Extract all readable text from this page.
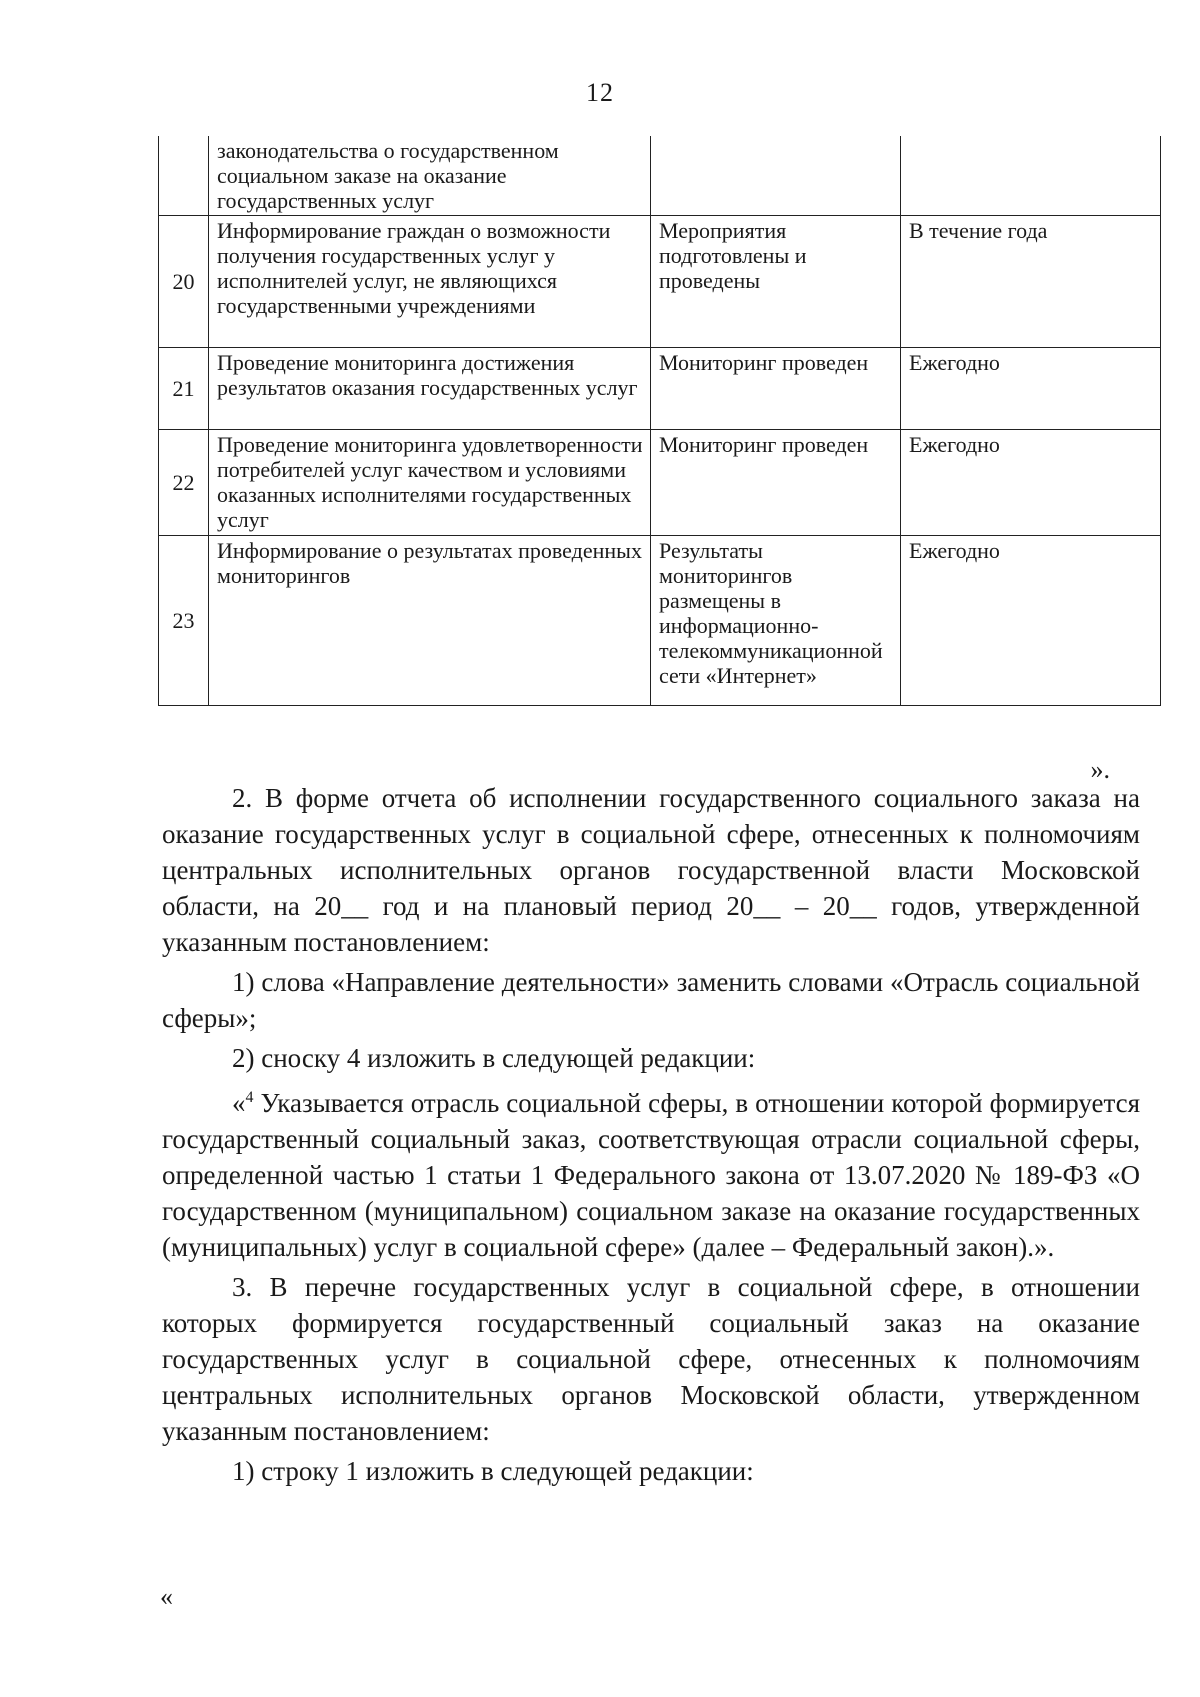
12
	законодательства о государственном социальном заказе на оказание государственных услуг		
20	Информирование граждан о возможности получения государственных услуг у исполнителей услуг, не являющихся государственными учреждениями	Мероприятия подготовлены и проведены	В течение года
21	Проведение мониторинга достижения результатов оказания государственных услуг	Мониторинг проведен	Ежегодно
22	Проведение мониторинга удовлетворенности потребителей услуг качеством и условиями оказанных исполнителями государственных услуг	Мониторинг проведен	Ежегодно
23	Информирование о результатах проведенных мониторингов	Результаты мониторингов размещены в информационно-телекоммуникационной сети «Интернет»	Ежегодно
».

2. В форме отчета об исполнении государственного социального заказа на оказание государственных услуг в социальной сфере, отнесенных к полномочиям центральных исполнительных органов государственной власти Московской области, на 20__ год и на плановый период 20__ – 20__ годов, утвержденной указанным постановлением:

1) слова «Направление деятельности» заменить словами «Отрасль социальной сферы»;

2) сноску 4 изложить в следующей редакции:

«$^4$ Указывается отрасль социальной сферы, в отношении которой формируется государственный социальный заказ, соответствующая отрасли социальной сферы, определенной частью 1 статьи 1 Федерального закона от 13.07.2020 № 189-ФЗ «О государственном (муниципальном) социальном заказе на оказание государственных (муниципальных) услуг в социальной сфере» (далее – Федеральный закон).».

3. В перечне государственных услуг в социальной сфере, в отношении которых формируется государственный социальный заказ на оказание государственных услуг в социальной сфере, отнесенных к полномочиям центральных исполнительных органов Московской области, утвержденном указанным постановлением:

1) строку 1 изложить в следующей редакции:

«
